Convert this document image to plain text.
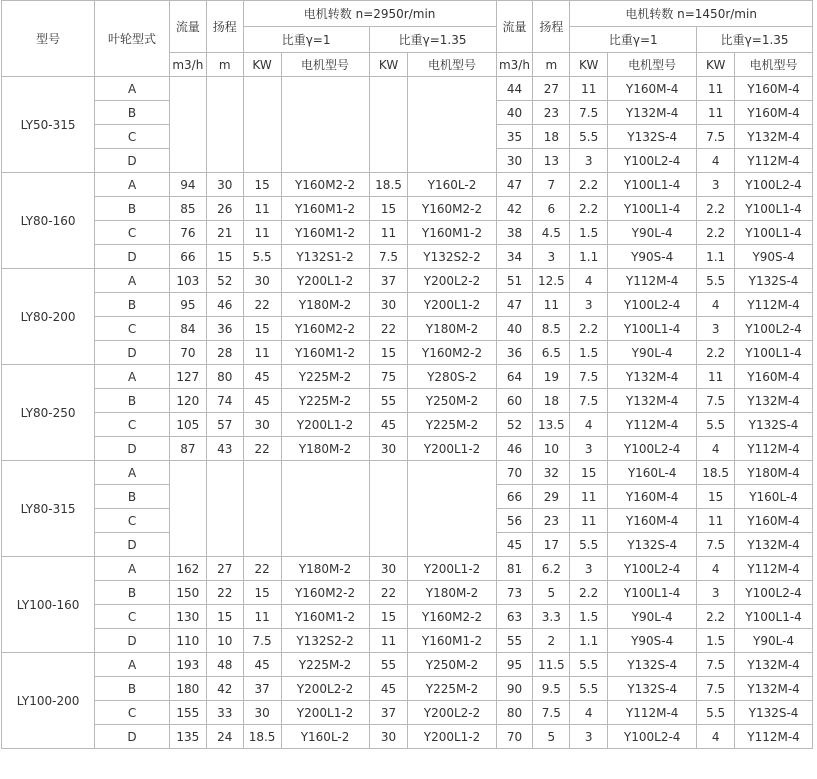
型号	叶轮型式	流量	扬程	电机转数 n=2950r/min				流量	扬程	电机转数 n=1450r/min			
				比重γ=1		比重γ=1.35				比重γ=1		比重γ=1.35	
		m3/h	m	KW	电机型号	KW	电机型号	m3/h	m	KW	电机型号	KW	电机型号
LY50-315	A							44	27	11	Y160M-4	11	Y160M-4
	B							40	23	7.5	Y132M-4	11	Y160M-4
	C							35	18	5.5	Y132S-4	7.5	Y132M-4
	D							30	13	3	Y100L2-4	4	Y112M-4
LY80-160	A	94	30	15	Y160M2-2	18.5	Y160L-2	47	7	2.2	Y100L1-4	3	Y100L2-4
	B	85	26	11	Y160M1-2	15	Y160M2-2	42	6	2.2	Y100L1-4	2.2	Y100L1-4
	C	76	21	11	Y160M1-2	11	Y160M1-2	38	4.5	1.5	Y90L-4	2.2	Y100L1-4
	D	66	15	5.5	Y132S1-2	7.5	Y132S2-2	34	3	1.1	Y90S-4	1.1	Y90S-4
LY80-200	A	103	52	30	Y200L1-2	37	Y200L2-2	51	12.5	4	Y112M-4	5.5	Y132S-4
	B	95	46	22	Y180M-2	30	Y200L1-2	47	11	3	Y100L2-4	4	Y112M-4
	C	84	36	15	Y160M2-2	22	Y180M-2	40	8.5	2.2	Y100L1-4	3	Y100L2-4
	D	70	28	11	Y160M1-2	15	Y160M2-2	36	6.5	1.5	Y90L-4	2.2	Y100L1-4
LY80-250	A	127	80	45	Y225M-2	75	Y280S-2	64	19	7.5	Y132M-4	11	Y160M-4
	B	120	74	45	Y225M-2	55	Y250M-2	60	18	7.5	Y132M-4	7.5	Y132M-4
	C	105	57	30	Y200L1-2	45	Y225M-2	52	13.5	4	Y112M-4	5.5	Y132S-4
	D	87	43	22	Y180M-2	30	Y200L1-2	46	10	3	Y100L2-4	4	Y112M-4
LY80-315	A							70	32	15	Y160L-4	18.5	Y180M-4
	B							66	29	11	Y160M-4	15	Y160L-4
	C							56	23	11	Y160M-4	11	Y160M-4
	D							45	17	5.5	Y132S-4	7.5	Y132M-4
LY100-160	A	162	27	22	Y180M-2	30	Y200L1-2	81	6.2	3	Y100L2-4	4	Y112M-4
	B	150	22	15	Y160M2-2	22	Y180M-2	73	5	2.2	Y100L1-4	3	Y100L2-4
	C	130	15	11	Y160M1-2	15	Y160M2-2	63	3.3	1.5	Y90L-4	2.2	Y100L1-4
	D	110	10	7.5	Y132S2-2	11	Y160M1-2	55	2	1.1	Y90S-4	1.5	Y90L-4
LY100-200	A	193	48	45	Y225M-2	55	Y250M-2	95	11.5	5.5	Y132S-4	7.5	Y132M-4
	B	180	42	37	Y200L2-2	45	Y225M-2	90	9.5	5.5	Y132S-4	7.5	Y132M-4
	C	155	33	30	Y200L1-2	37	Y200L2-2	80	7.5	4	Y112M-4	5.5	Y132S-4
	D	135	24	18.5	Y160L-2	30	Y200L1-2	70	5	3	Y100L2-4	4	Y112M-4
